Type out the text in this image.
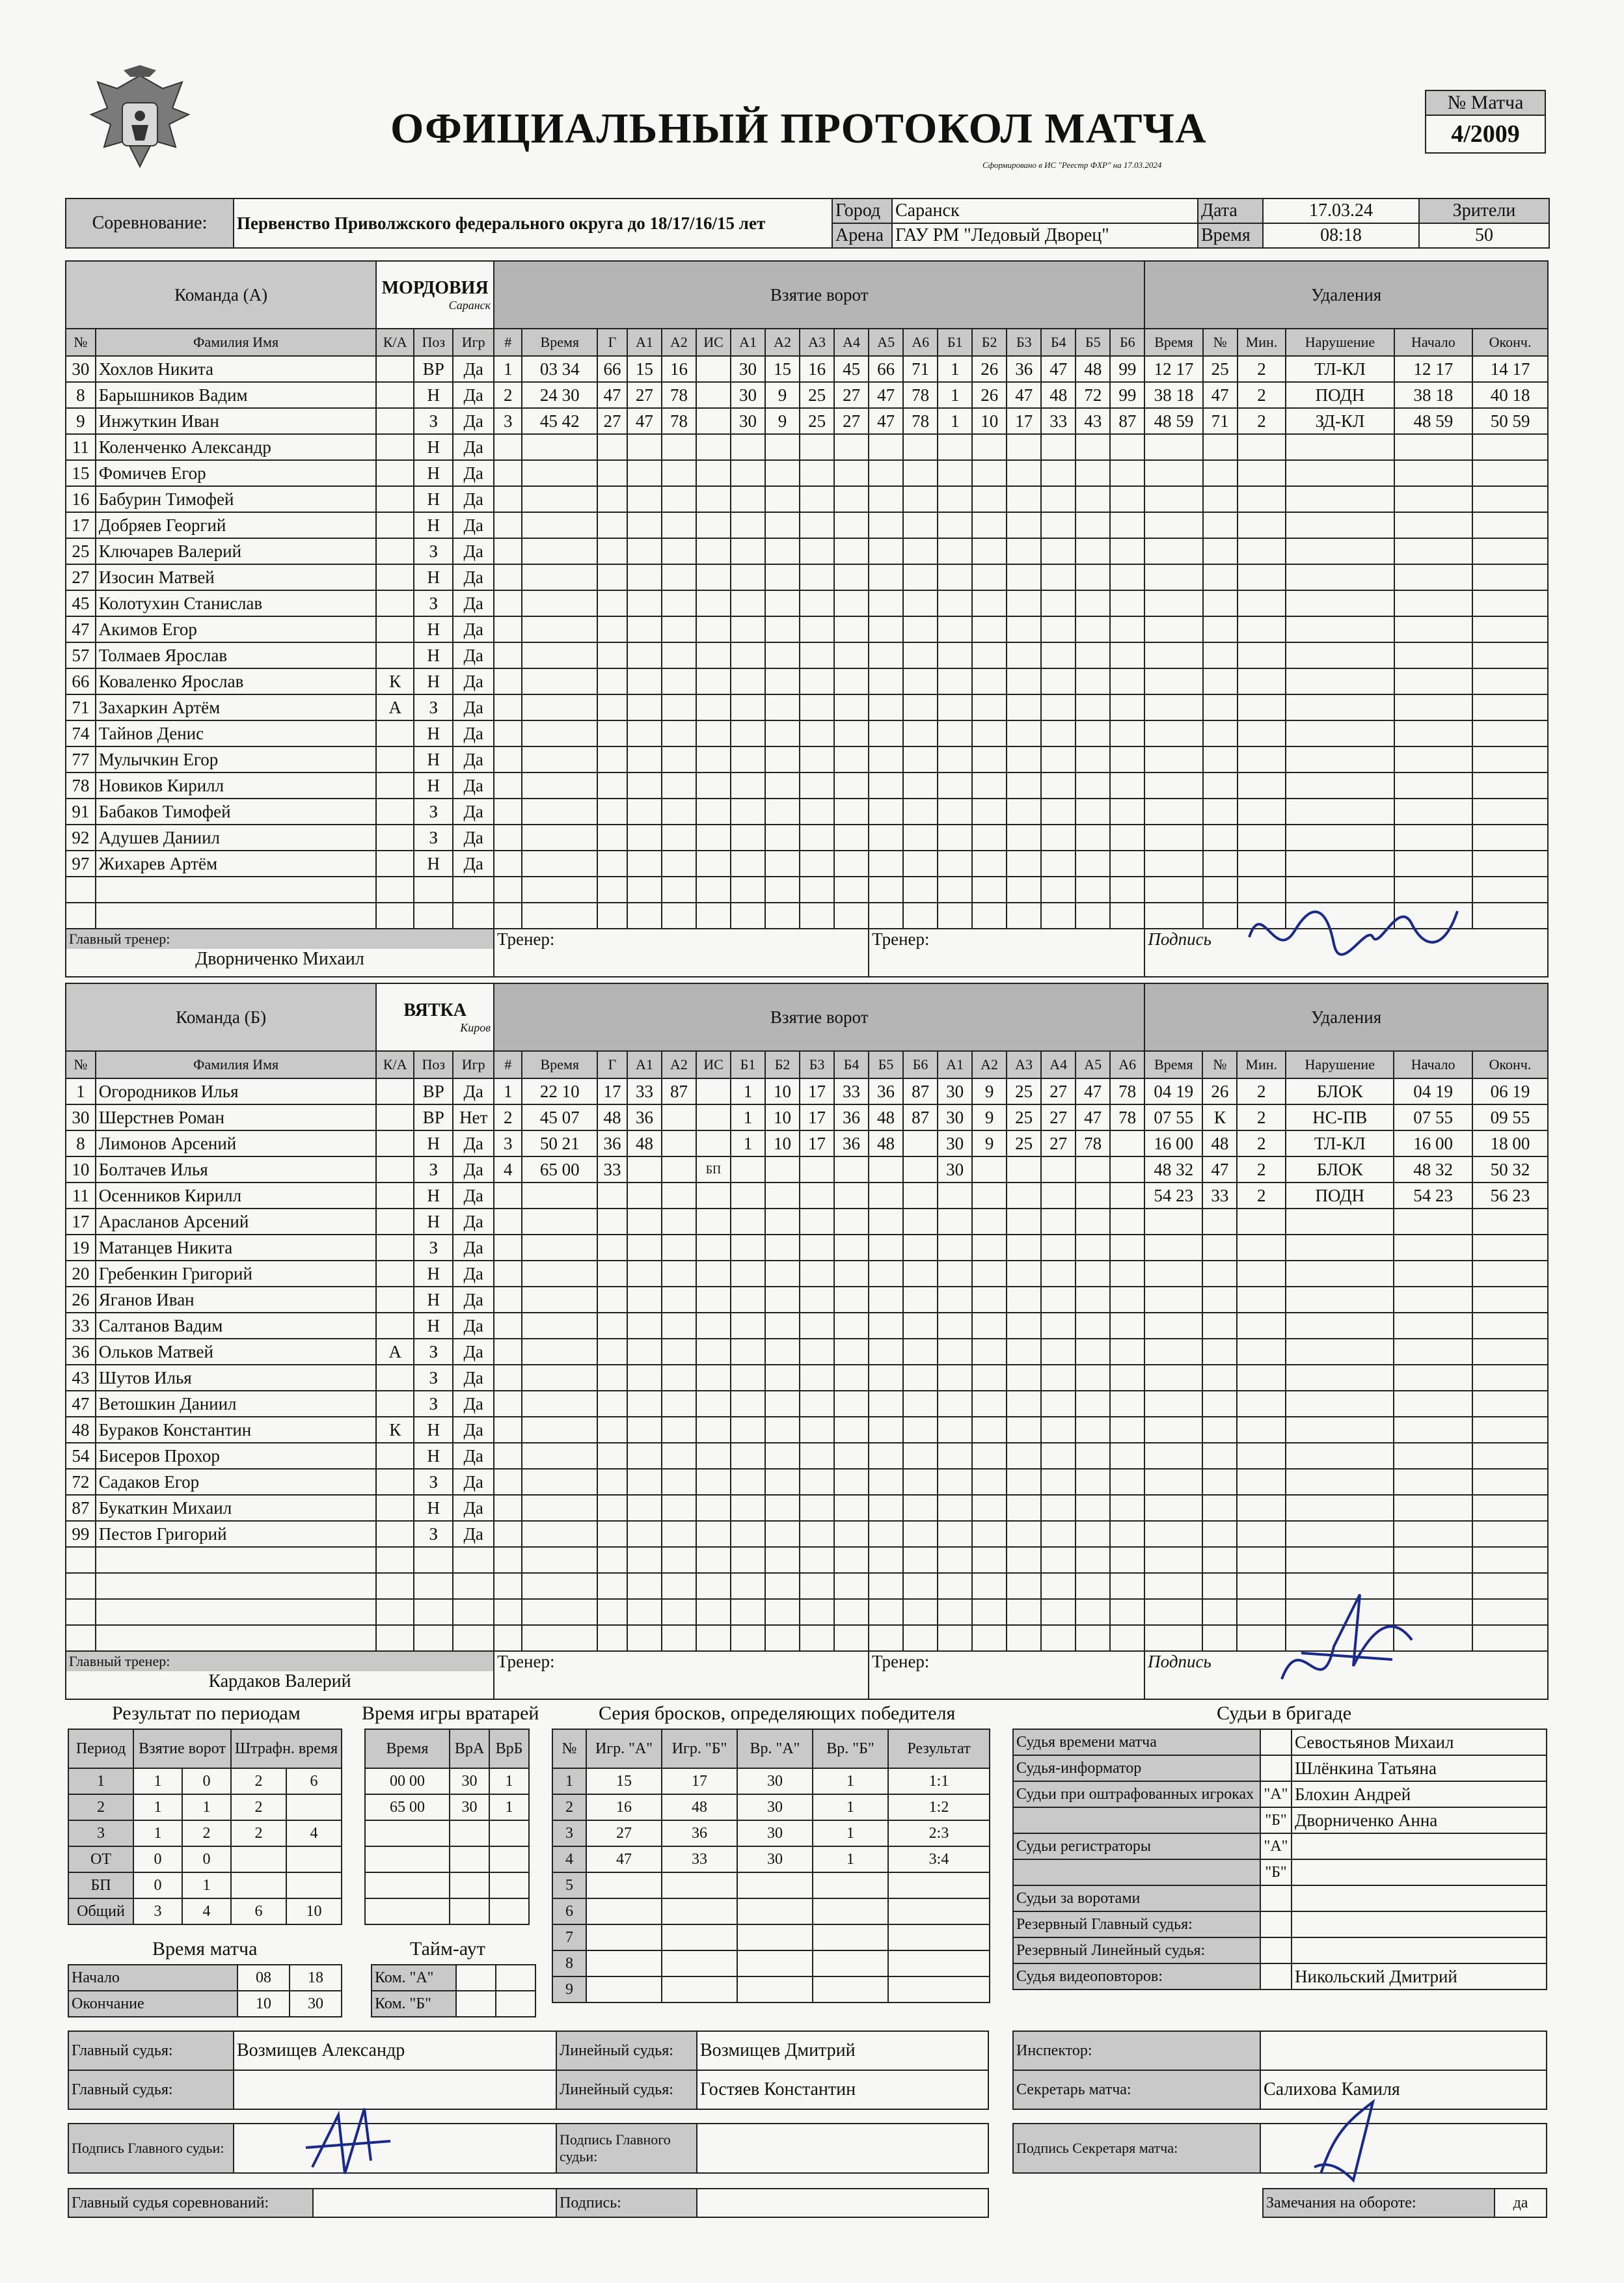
ОФИЦИАЛЬНЫЙ ПРОТОКОЛ МАТЧА
Сформировано в ИС "Реестр ФХР" на 17.03.2024
№ Матча
4/2009
Соревнование:	Первенство Приволжского федерального округа до 18/17/16/15 лет	Город	Саранск	Дата	17.03.24	Зрители
		Арена	ГАУ РМ "Ледовый Дворец"	Время	08:18	50
Команда (А)		МОРДОВИЯ
Саранск			Взятие ворот																		Удаления					
№	Фамилия Имя	К/А	Поз	Игр	#	Время	Г	А1	А2	ИС	А1	А2	А3	А4	А5	А6	Б1	Б2	Б3	Б4	Б5	Б6	Время	№	Мин.	Нарушение	Начало	Оконч.
30	Хохлов Никита		ВР	Да	1	03 34	66	15	16		30	15	16	45	66	71	1	26	36	47	48	99	12 17	25	2	ТЛ-КЛ	12 17	14 17
8	Барышников Вадим		Н	Да	2	24 30	47	27	78		30	9	25	27	47	78	1	26	47	48	72	99	38 18	47	2	ПОДН	38 18	40 18
9	Инжуткин Иван		З	Да	3	45 42	27	47	78		30	9	25	27	47	78	1	10	17	33	43	87	48 59	71	2	ЗД-КЛ	48 59	50 59
11	Коленченко Александр		Н	Да																								
15	Фомичев Егор		Н	Да																								
16	Бабурин Тимофей		Н	Да																								
17	Добряев Георгий		Н	Да																								
25	Ключарев Валерий		З	Да																								
27	Изосин Матвей		Н	Да																								
45	Колотухин Станислав		З	Да																								
47	Акимов Егор		Н	Да																								
57	Толмаев Ярослав		Н	Да																								
66	Коваленко Ярослав	К	Н	Да																								
71	Захаркин Артём	А	З	Да																								
74	Тайнов Денис		Н	Да																								
77	Мулычкин Егор		Н	Да																								
78	Новиков Кирилл		Н	Да																								
91	Бабаков Тимофей		З	Да																								
92	Адушев Даниил		З	Да																								
97	Жихарев Артём		Н	Да																								

Главный тренер:
Дворниченко Михаил					Тренер:										Тренер:								Подпись					
Команда (Б)		ВЯТКА
Киров			Взятие ворот																		Удаления					
№	Фамилия Имя	К/А	Поз	Игр	#	Время	Г	А1	А2	ИС	Б1	Б2	Б3	Б4	Б5	Б6	А1	А2	А3	А4	А5	А6	Время	№	Мин.	Нарушение	Начало	Оконч.
1	Огородников Илья		ВР	Да	1	22 10	17	33	87		1	10	17	33	36	87	30	9	25	27	47	78	04 19	26	2	БЛОК	04 19	06 19
30	Шерстнев Роман		ВР	Нет	2	45 07	48	36			1	10	17	36	48	87	30	9	25	27	47	78	07 55	К	2	НС-ПВ	07 55	09 55
8	Лимонов Арсений		Н	Да	3	50 21	36	48			1	10	17	36	48		30	9	25	27	78		16 00	48	2	ТЛ-КЛ	16 00	18 00
10	Болтачев Илья		З	Да	4	65 00	33			БП							30						48 32	47	2	БЛОК	48 32	50 32
11	Осенников Кирилл		Н	Да																			54 23	33	2	ПОДН	54 23	56 23
17	Арасланов Арсений		Н	Да																								
19	Матанцев Никита		З	Да																								
20	Гребенкин Григорий		Н	Да																								
26	Яганов Иван		Н	Да																								
33	Салтанов Вадим		Н	Да																								
36	Ольков Матвей	А	З	Да																								
43	Шутов Илья		З	Да																								
47	Ветошкин Даниил		З	Да																								
48	Бураков Константин	К	Н	Да																								
54	Бисеров Прохор		Н	Да																								
72	Садаков Егор		З	Да																								
87	Букаткин Михаил		Н	Да																								
99	Пестов Григорий		З	Да																								

Главный тренер:
Кардаков Валерий					Тренер:										Тренер:								Подпись					
Результат по периодам
Период	Взятие ворот		Штрафн. время	
1	1	0	2	6
2	1	1	2	
3	1	2	2	4
ОТ	0	0		
БП	0	1		
Общий	3	4	6	10
Время игры вратарей
Время	ВрА	ВрБ
00 00	30	1
65 00	30	1

Серия бросков, определяющих победителя
№	Игр. "А"	Игр. "Б"	Вр. "А"	Вр. "Б"	Результат
1	15	17	30	1	1:1
2	16	48	30	1	1:2
3	27	36	30	1	2:3
4	47	33	30	1	3:4
5					
6					
7					
8					
9					
Время матча
Начало	08	18
Окончание	10	30
Тайм-аут
Ком. "А"		
Ком. "Б"		
Судьи в бригаде
Судья времени матча		Севостьянов Михаил
Судья-информатор		Шлёнкина Татьяна
Судьи при оштрафованных игроках	"А"	Блохин Андрей
	"Б"	Дворниченко Анна
Судьи регистраторы	"А"	
	"Б"	
Судьи за воротами		
Резервный Главный судья:		
Резервный Линейный судья:		
Судья видеоповторов:		Никольский Дмитрий
Главный судья:	Возмищев Александр	Линейный судья:	Возмищев Дмитрий
Главный судья:		Линейный судья:	Гостяев Константин
Инспектор:	
Секретарь матча:	Салихова Камиля
Подпись Главного судьи:		Подпись Главного судьи:	
Подпись Секретаря матча:	
Главный судья соревнований:		Подпись:		Замечания на обороте:	да
